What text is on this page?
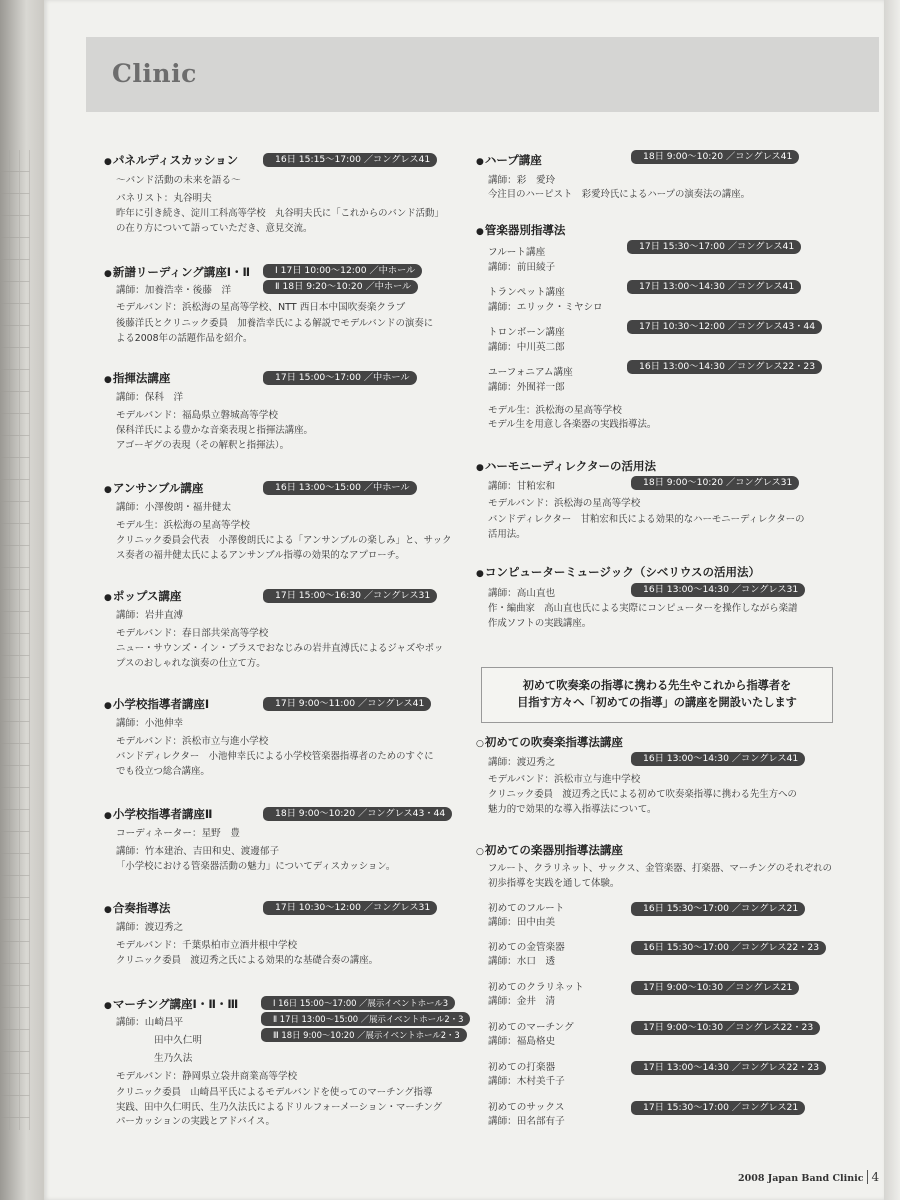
Clinic
● パネルディスカッション	16日 15:15〜17:00 ／コングレス41
〜バンド活動の未来を語る〜
パネリスト：丸谷明夫
昨年に引き続き、淀川工科高等学校　丸谷明夫氏に「これからのバンド活動」
の在り方について語っていただき、意見交流。
● 新譜リーディング講座Ⅰ・Ⅱ	Ⅰ 17日 10:00〜12:00 ／中ホール
Ⅱ 18日 9:20〜10:20 ／中ホール
講師：加養浩幸・後藤　洋
モデルバンド：浜松海の星高等学校、NTT 西日本中国吹奏楽クラブ
後藤洋氏とクリニック委員　加養浩幸氏による解説でモデルバンドの演奏に
よる2008年の話題作品を紹介。
● 指揮法講座	17日 15:00〜17:00 ／中ホール
講師：保科　洋
モデルバンド：福島県立磐城高等学校
保科洋氏による豊かな音楽表現と指揮法講座。
アゴーギグの表現（その解釈と指揮法）。
● アンサンブル講座	16日 13:00〜15:00 ／中ホール
講師：小澤俊朗・福井健太
モデル生：浜松海の星高等学校
クリニック委員会代表　小澤俊朗氏による「アンサンブルの楽しみ」と、サック
ス奏者の福井健太氏によるアンサンブル指導の効果的なアプローチ。
● ポップス講座	17日 15:00〜16:30 ／コングレス31
講師：岩井直溥
モデルバンド：春日部共栄高等学校
ニュー・サウンズ・イン・ブラスでおなじみの岩井直溥氏によるジャズやポッ
プスのおしゃれな演奏の仕立て方。
● 小学校指導者講座Ⅰ	17日 9:00〜11:00 ／コングレス41
講師：小池伸幸
モデルバンド：浜松市立与進小学校
バンドディレクター　小池伸幸氏による小学校管楽器指導者のためのすぐに
でも役立つ総合講座。
● 小学校指導者講座Ⅱ	18日 9:00〜10:20 ／コングレス43・44
コーディネーター：星野　豊
講師：竹本建治、吉田和史、渡邊郁子
「小学校における管楽器活動の魅力」についてディスカッション。
● 合奏指導法	17日 10:30〜12:00 ／コングレス31
講師：渡辺秀之
モデルバンド：千葉県柏市立酒井根中学校
クリニック委員　渡辺秀之氏による効果的な基礎合奏の講座。
● マーチング講座Ⅰ・Ⅱ・Ⅲ	Ⅰ 16日 15:00〜17:00 ／展示イベントホール3
Ⅱ 17日 13:00〜15:00 ／展示イベントホール2・3
Ⅲ 18日 9:00〜10:20 ／展示イベントホール2・3
講師：山崎昌平
田中久仁明
生乃久法
モデルバンド：静岡県立袋井商業高等学校
クリニック委員　山崎昌平氏によるモデルバンドを使ってのマーチング指導
実践、田中久仁明氏、生乃久法氏によるドリルフォーメーション・マーチング
パーカッションの実践とアドバイス。
● ハープ講座	18日 9:00〜10:20 ／コングレス41
講師：彩　愛玲
今注目のハーピスト　彩愛玲氏によるハープの演奏法の講座。
● 管楽器別指導法
フルート講座
講師：前田綾子
17日 15:30〜17:00 ／コングレス41
トランペット講座
講師：エリック・ミヤシロ
17日 13:00〜14:30 ／コングレス41
トロンボーン講座
講師：中川英二郎
17日 10:30〜12:00 ／コングレス43・44
ユーフォニアム講座
講師：外囿祥一郎
16日 13:00〜14:30 ／コングレス22・23
モデル生：浜松海の星高等学校
モデル生を用意し各楽器の実践指導法。
● ハーモニーディレクターの活用法
講師：甘粕宏和	18日 9:00〜10:20 ／コングレス31
モデルバンド：浜松海の星高等学校
バンドディレクター　甘粕宏和氏による効果的なハーモニーディレクターの
活用法。
● コンピューターミュージック（シベリウスの活用法）
講師：高山直也	16日 13:00〜14:30 ／コングレス31
作・編曲家　高山直也氏による実際にコンピューターを操作しながら楽譜
作成ソフトの実践講座。
初めて吹奏楽の指導に携わる先生やこれから指導者を
目指す方々へ「初めての指導」の講座を開設いたします
○ 初めての吹奏楽指導法講座
講師：渡辺秀之	16日 13:00〜14:30 ／コングレス41
モデルバンド：浜松市立与進中学校
クリニック委員　渡辺秀之氏による初めて吹奏楽指導に携わる先生方への
魅力的で効果的な導入指導法について。
○ 初めての楽器別指導法講座
フルート、クラリネット、サックス、金管楽器、打楽器、マーチングのそれぞれの
初歩指導を実践を通して体験。
初めてのフルート
講師：田中由美
16日 15:30〜17:00 ／コングレス21
初めての金管楽器
講師：水口　透
16日 15:30〜17:00 ／コングレス22・23
初めてのクラリネット
講師：金井　清
17日 9:00〜10:30 ／コングレス21
初めてのマーチング
講師：福島格史
17日 9:00〜10:30 ／コングレス22・23
初めての打楽器
講師：木村美千子
17日 13:00〜14:30 ／コングレス22・23
初めてのサックス
講師：田名部有子
17日 15:30〜17:00 ／コングレス21
2008 Japan Band Clinic 4
